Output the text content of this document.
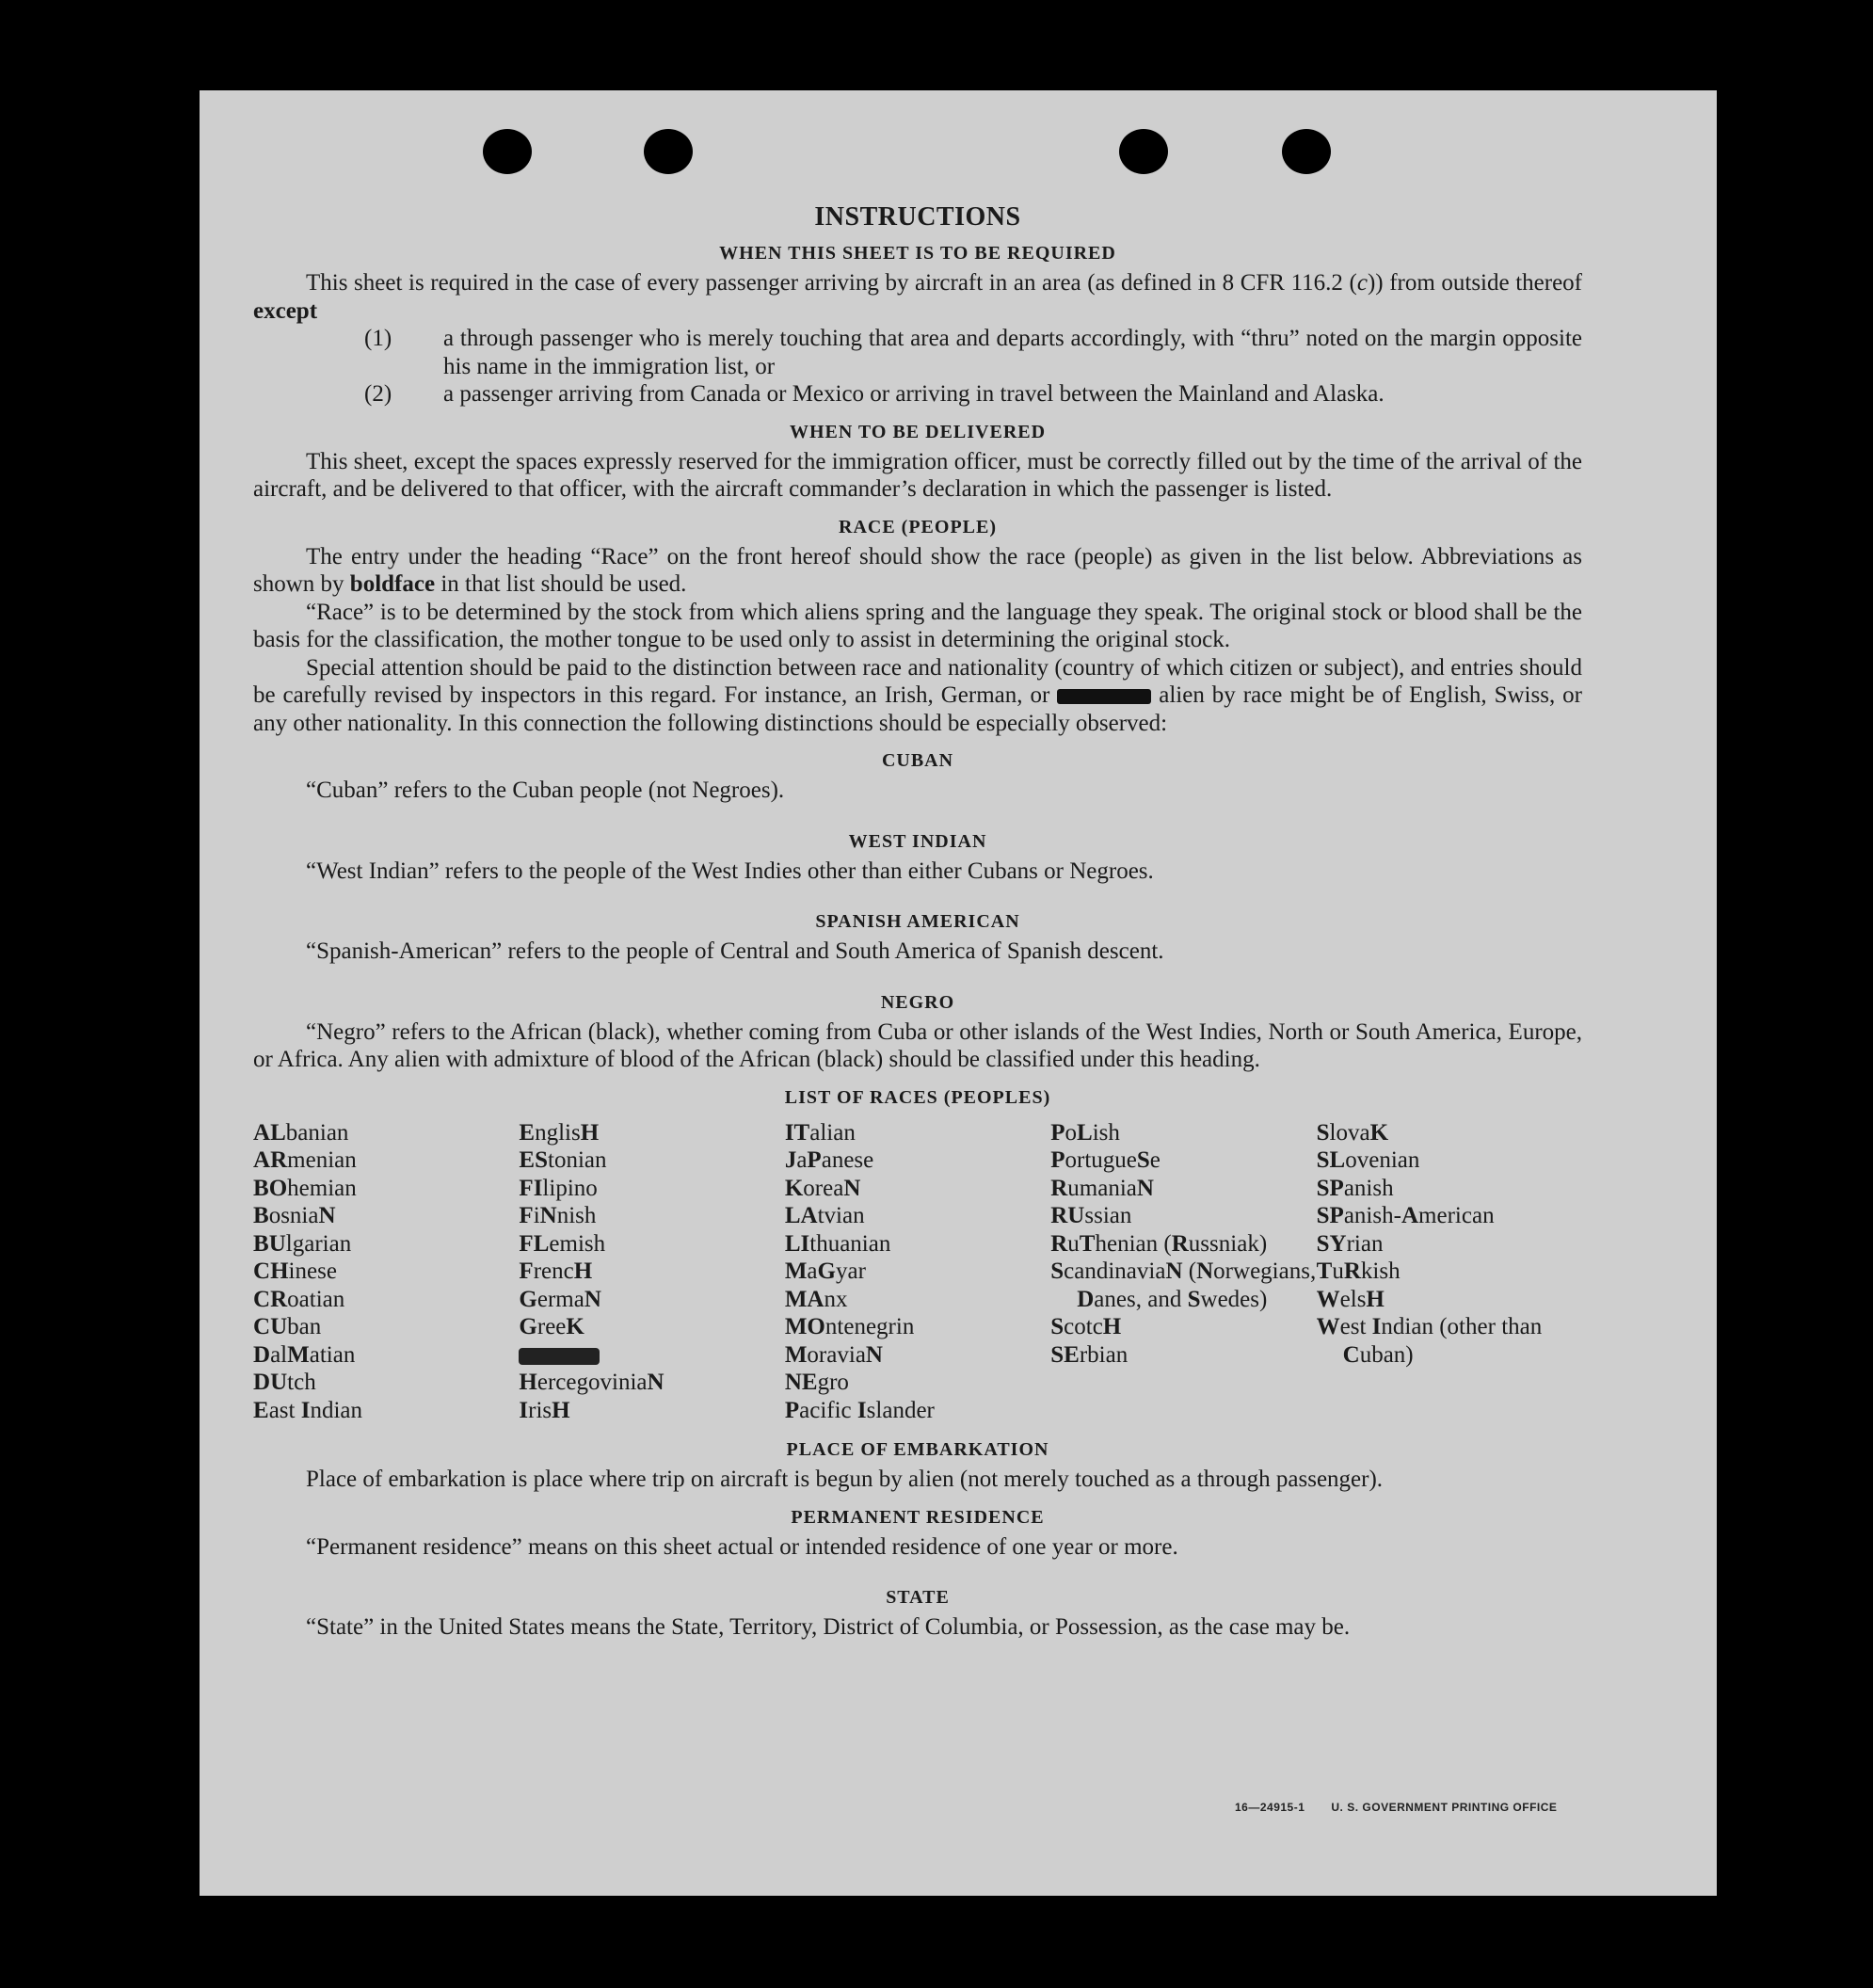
INSTRUCTIONS
WHEN THIS SHEET IS TO BE REQUIRED

This sheet is required in the case of every passenger arriving by aircraft in an area (as defined in 8 CFR 116.2 (c)) from outside thereof except

(1) a through passenger who is merely touching that area and departs accordingly, with “thru” noted on the margin opposite his name in the immigration list, or
(2) a passenger arriving from Canada or Mexico or arriving in travel between the Mainland and Alaska.
WHEN TO BE DELIVERED

This sheet, except the spaces expressly reserved for the immigration officer, must be correctly filled out by the time of the arrival of the aircraft, and be delivered to that officer, with the aircraft commander’s declaration in which the passenger is listed.

RACE (PEOPLE)

The entry under the heading “Race” on the front hereof should show the race (people) as given in the list below. Abbreviations as shown by boldface in that list should be used.

“Race” is to be determined by the stock from which aliens spring and the language they speak. The original stock or blood shall be the basis for the classification, the mother tongue to be used only to assist in determining the original stock.

Special attention should be paid to the distinction between race and nationality (country of which citizen or subject), and entries should be carefully revised by inspectors in this regard. For instance, an Irish, German, or	alien by race might be of English, Swiss, or any other nationality. In this connection the following distinctions should be especially observed:

CUBAN

“Cuban” refers to the Cuban people (not Negroes).

WEST INDIAN

“West Indian” refers to the people of the West Indies other than either Cubans or Negroes.

SPANISH AMERICAN

“Spanish-American” refers to the people of Central and South America of Spanish descent.

NEGRO

“Negro” refers to the African (black), whether coming from Cuba or other islands of the West Indies, North or South America, Europe, or Africa. Any alien with admixture of blood of the African (black) should be classified under this heading.

LIST OF RACES (PEOPLES)
ALbanian
ARmenian
BOhemian
BosniaN
BUlgarian
CHinese
CRoatian
CUban
DalMatian
DUtch
East Indian
EnglisH
EStonian
FIlipino
FiNnish
FLemish
FrencH
GermaN
GreeK
HercegoviniaN
IrisH
ITalian
JaPanese
KoreaN
LAtvian
LIthuanian
MaGyar
MAnx
MOntenegrin
MoraviaN
NEgro
Pacific Islander
PoLish
PortugueSe
RumaniaN
RUssian
RuThenian (Russniak)
ScandinaviaN (Norwegians, Danes, and Swedes)
ScotcH
SErbian
SlovaK
SLovenian
SPanish
SPanish-American
SYrian
TuRkish
WelsH
West Indian (other than Cuban)
PLACE OF EMBARKATION

Place of embarkation is place where trip on aircraft is begun by alien (not merely touched as a through passenger).

PERMANENT RESIDENCE

“Permanent residence” means on this sheet actual or intended residence of one year or more.

STATE

“State” in the United States means the State, Territory, District of Columbia, or Possession, as the case may be.

16—24915-1 U. S. GOVERNMENT PRINTING OFFICE
